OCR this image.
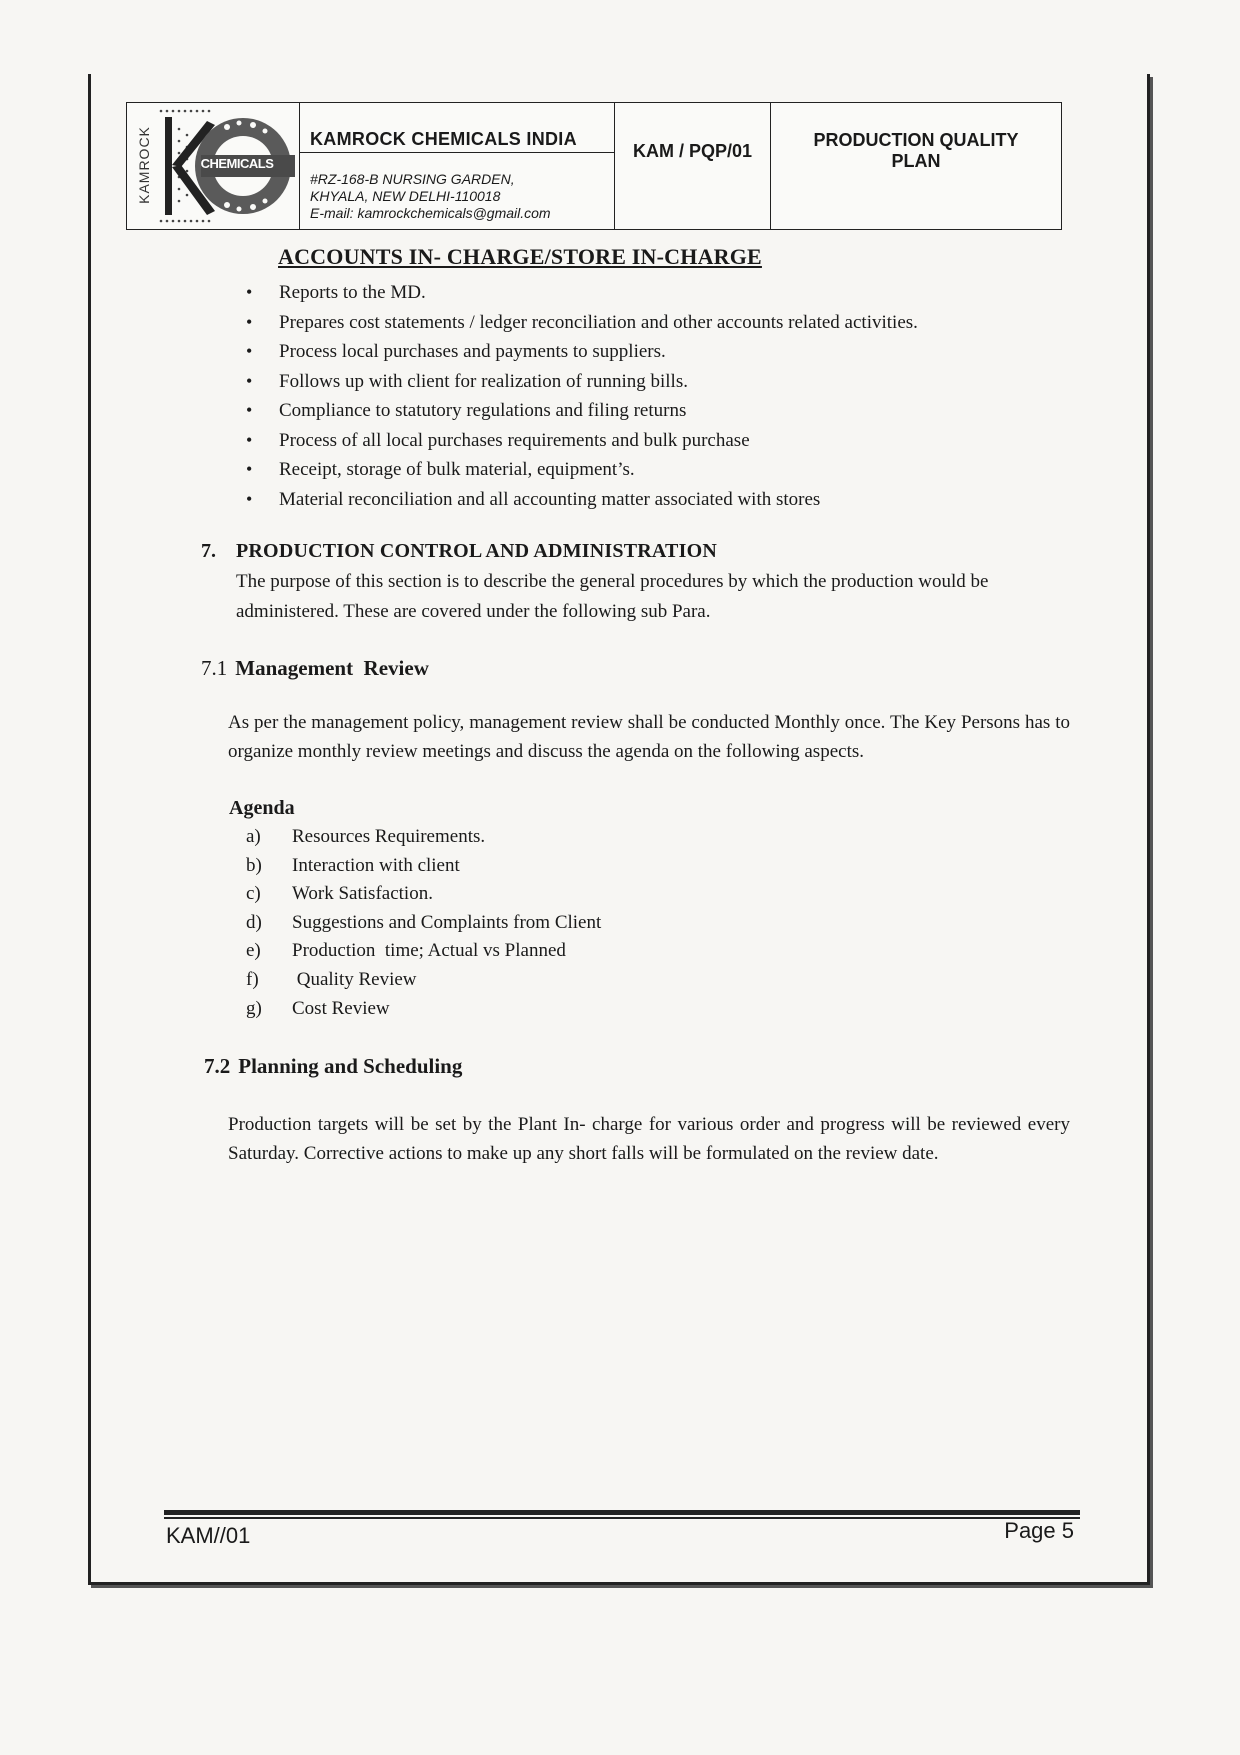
KAMROCK	CHEMICALS
KAMROCK CHEMICALS INDIA
#RZ-168-B NURSING GARDEN,
KHYALA, NEW DELHI-110018
E-mail: kamrockchemicals@gmail.com
KAM / PQP/01
PRODUCTION QUALITY
PLAN
ACCOUNTS IN- CHARGE/STORE IN-CHARGE
• Reports to the MD.
• Prepares cost statements / ledger reconciliation and other accounts related activities.
• Process local purchases and payments to suppliers.
• Follows up with client for realization of running bills.
• Compliance to statutory regulations and filing returns
• Process of all local purchases requirements and bulk purchase
• Receipt, storage of bulk material, equipment’s.
• Material reconciliation and all accounting matter associated with stores
7. PRODUCTION CONTROL AND ADMINISTRATION
The purpose of this section is to describe the general procedures by which the production would be administered. These are covered under the following sub Para.
7.1 Management  Review
As per the management policy, management review shall be conducted Monthly once. The Key Persons has to organize monthly review meetings and discuss the agenda on the following aspects.
Agenda
a)	Resources Requirements.
b)	Interaction with client
c)	Work Satisfaction.
d)	Suggestions and Complaints from Client
e)	Production  time; Actual vs Planned
f)	Quality Review
g)	Cost Review
7.2 Planning and Scheduling
Production targets will be set by the Plant In- charge for various order and progress will be reviewed every Saturday. Corrective actions to make up any short falls will be formulated on the review date.
KAM//01	Page 5
